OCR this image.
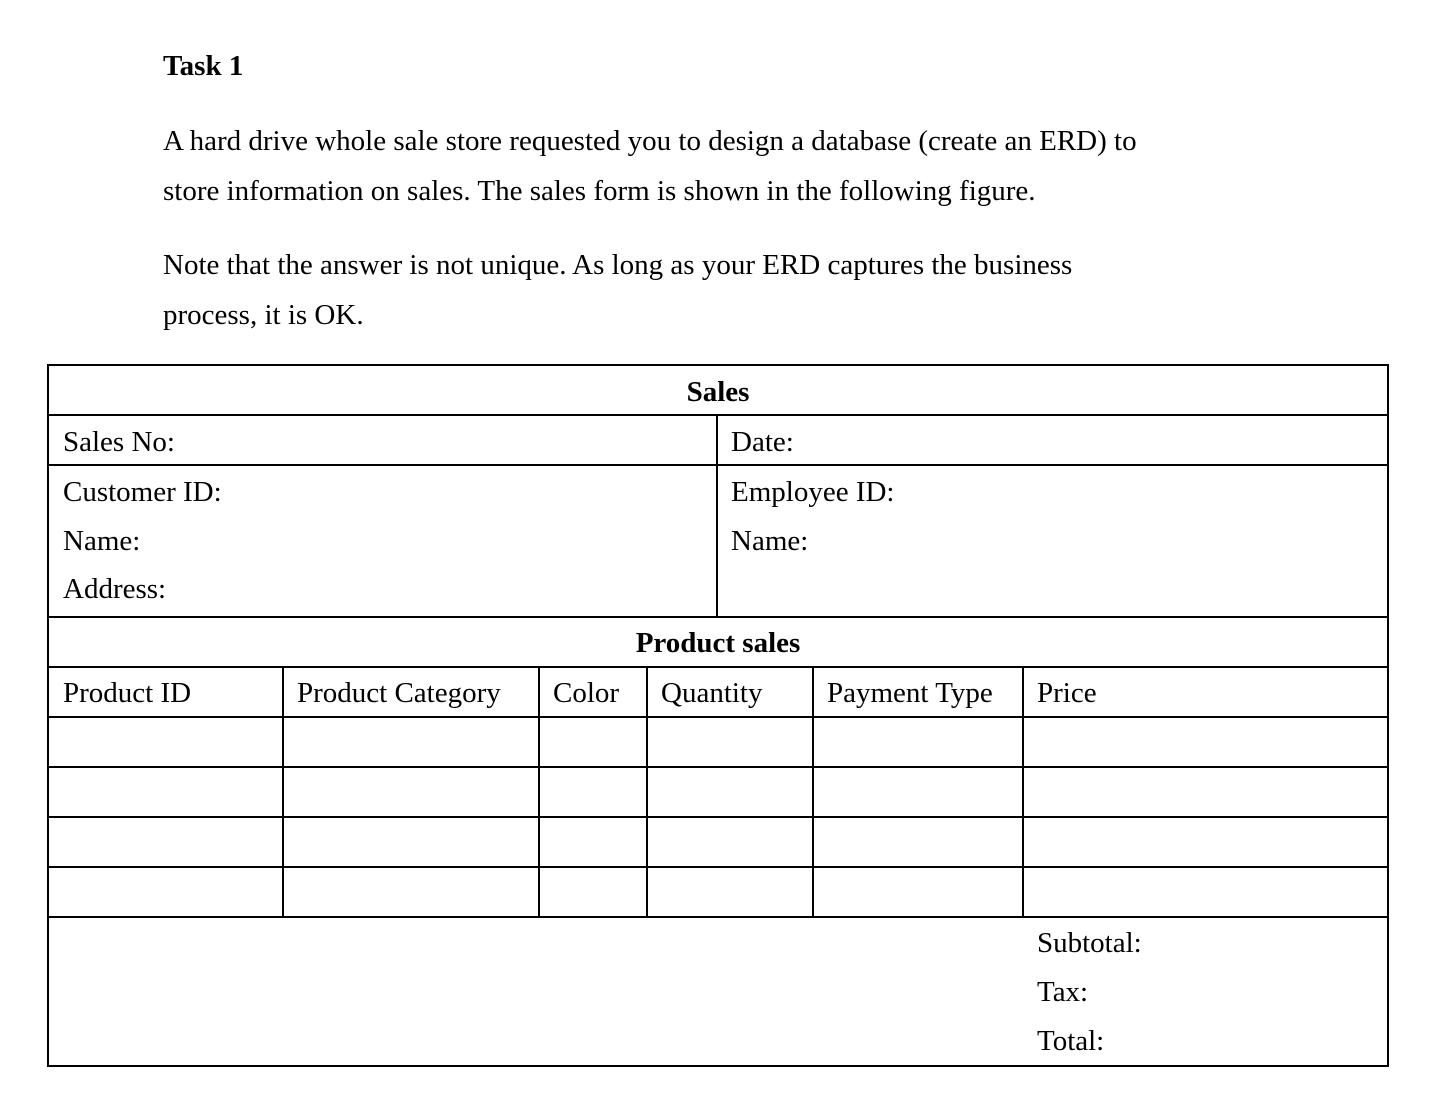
Task 1
A hard drive whole sale store requested you to design a database (create an ERD) to
store information on sales. The sales form is shown in the following figure.
Note that the answer is not unique. As long as your ERD captures the business
process, it is OK.
Sales
Sales No:	Date:
Customer ID:
Name:
Address:
Employee ID:
Name:
Product sales
Product ID	Product Category Color Quantity Payment Type Price
Subtotal:
Tax:
Total:
